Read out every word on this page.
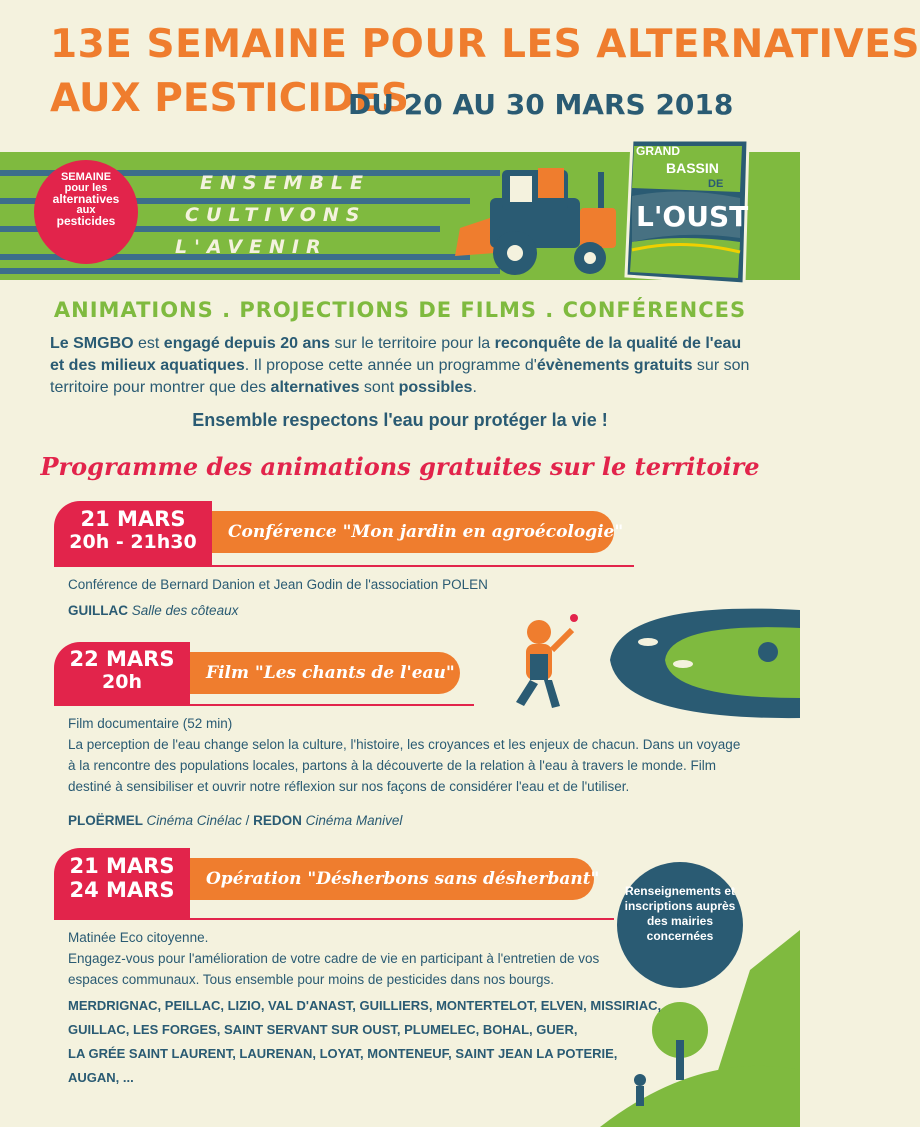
13E SEMAINE POUR LES ALTERNATIVES
AUX PESTICIDES
DU 20 AU 30 MARS 2018
ENSEMBLE
CULTIVONS
L'AVENIR
SEMAINE
pour les
alternatives
aux
pesticides
GRAND
BASSIN
DE
L'OUST
ANIMATIONS . PROJECTIONS DE FILMS . CONFÉRENCES
Le SMGBO est engagé depuis 20 ans sur le territoire pour la reconquête de la qualité de l'eau et des milieux aquatiques. Il propose cette année un programme d'évènements gratuits sur son territoire pour montrer que des alternatives sont possibles.
Ensemble respectons l'eau pour protéger la vie !
Programme des animations gratuites sur le territoire
21 MARS
20h - 21h30	Conférence "Mon jardin en agroécologie"
Conférence de Bernard Danion et Jean Godin de l'association POLEN
GUILLAC Salle des côteaux
22 MARS
20h	Film "Les chants de l'eau"
Film documentaire (52 min)
La perception de l'eau change selon la culture, l'histoire, les croyances et les enjeux de chacun. Dans un voyage à la rencontre des populations locales, partons à la découverte de la relation à l'eau à travers le monde. Film destiné à sensibiliser et ouvrir notre réflexion sur nos façons de considérer l'eau et de l'utiliser.
PLOËRMEL Cinéma Cinélac / REDON Cinéma Manivel
21 MARS
24 MARS	Opération "Désherbons sans désherbant"
Matinée Eco citoyenne.
Engagez-vous pour l'amélioration de votre cadre de vie en participant à l'entretien de vos espaces communaux. Tous ensemble pour moins de pesticides dans nos bourgs.
MERDRIGNAC, PEILLAC, LIZIO, VAL D'ANAST, GUILLIERS, MONTERTELOT, ELVEN, MISSIRIAC,
GUILLAC, LES FORGES, SAINT SERVANT SUR OUST, PLUMELEC, BOHAL, GUER,
LA GRÉE SAINT LAURENT, LAURENAN, LOYAT, MONTENEUF, SAINT JEAN LA POTERIE, AUGAN, ...
Renseignements et inscriptions auprès des mairies concernées
